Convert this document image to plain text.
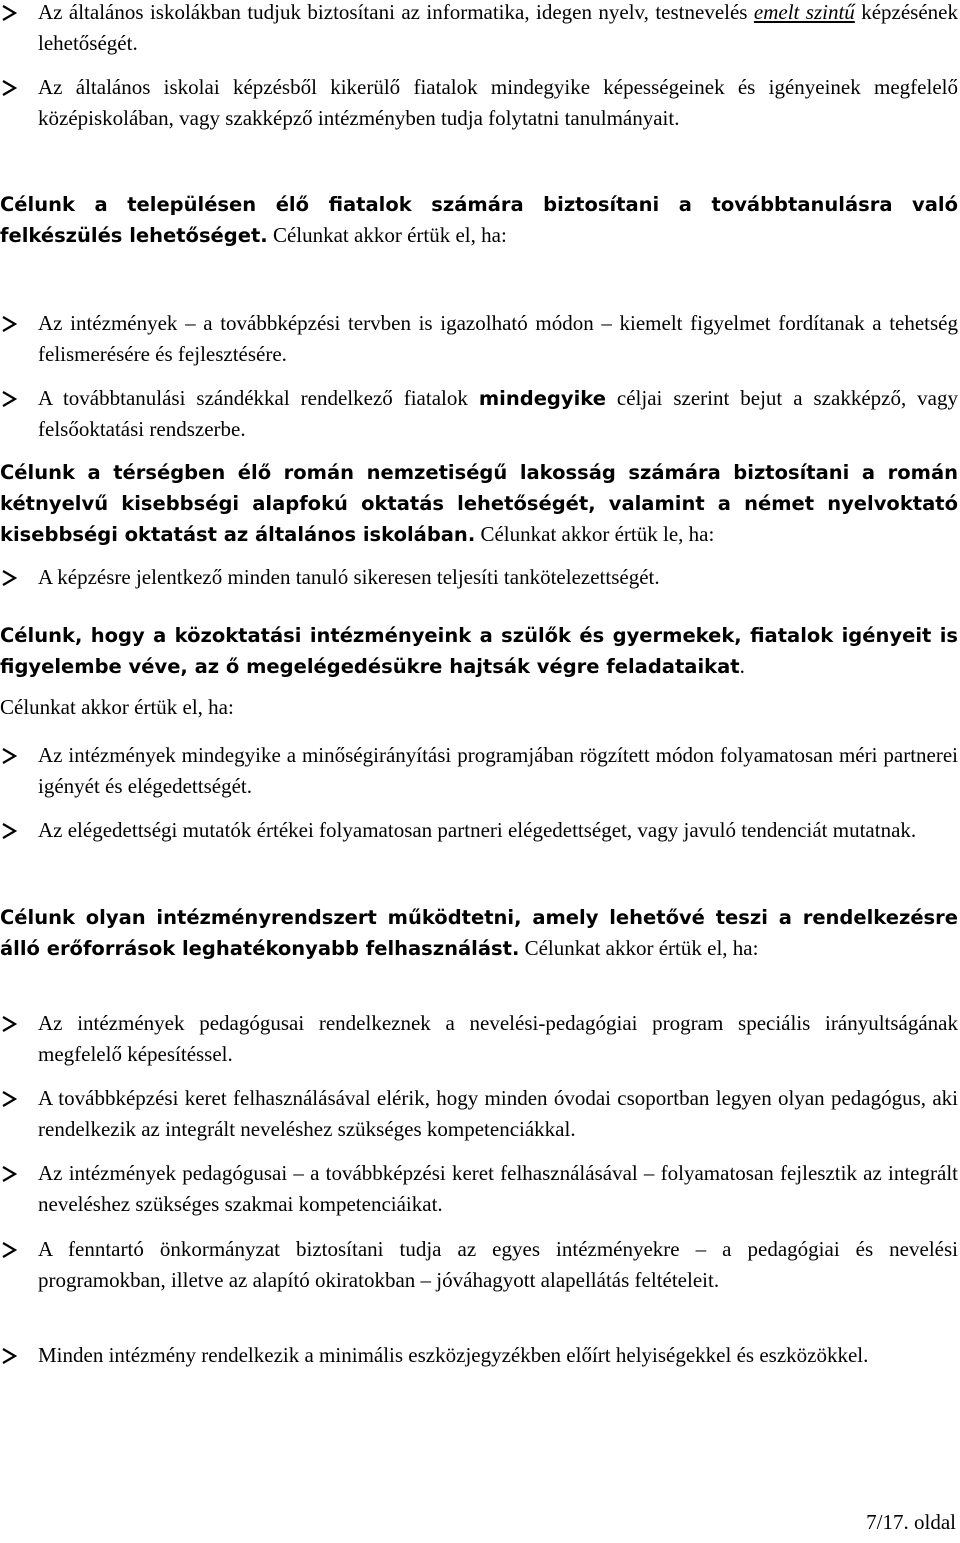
Az általános iskolákban tudjuk biztosítani az informatika, idegen nyelv, testnevelés emelt szintű képzésének lehetőségét.
Az általános iskolai képzésből kikerülő fiatalok mindegyike képességeinek és igényeinek megfelelő középiskolában, vagy szakképző intézményben tudja folytatni tanulmányait.
Célunk a településen élő fiatalok számára biztosítani a továbbtanulásra való felkészülés lehetőséget. Célunkat akkor értük el, ha:
Az intézmények – a továbbképzési tervben is igazolható módon – kiemelt figyelmet fordítanak a tehetség felismerésére és fejlesztésére.
A továbbtanulási szándékkal rendelkező fiatalok mindegyike céljai szerint bejut a szakképző, vagy felsőoktatási rendszerbe.
Célunk a térségben élő román nemzetiségű lakosság számára biztosítani a román kétnyelvű kisebbségi alapfokú oktatás lehetőségét, valamint a német nyelvoktató kisebbségi oktatást az általános iskolában. Célunkat akkor értük le, ha:
A képzésre jelentkező minden tanuló sikeresen teljesíti tankötelezettségét.
Célunk, hogy a közoktatási intézményeink a szülők és gyermekek, fiatalok igényeit is figyelembe véve, az ő megelégedésükre hajtsák végre feladataikat.
Célunkat akkor értük el, ha:
Az intézmények mindegyike a minőségirányítási programjában rögzített módon folyamatosan méri partnerei igényét és elégedettségét.
Az elégedettségi mutatók értékei folyamatosan partneri elégedettséget, vagy javuló tendenciát mutatnak.
Célunk olyan intézményrendszert működtetni, amely lehetővé teszi a rendelkezésre álló erőforrások leghatékonyabb felhasználást. Célunkat akkor értük el, ha:
Az intézmények pedagógusai rendelkeznek a nevelési-pedagógiai program speciális irányultságának megfelelő képesítéssel.
A továbbképzési keret felhasználásával elérik, hogy minden óvodai csoportban legyen olyan pedagógus, aki rendelkezik az integrált neveléshez szükséges kompetenciákkal.
Az intézmények pedagógusai – a továbbképzési keret felhasználásával – folyamatosan fejlesztik az integrált neveléshez szükséges szakmai kompetenciáikat.
A fenntartó önkormányzat biztosítani tudja az egyes intézményekre – a pedagógiai és nevelési programokban, illetve az alapító okiratokban – jóváhagyott alapellátás feltételeit.
Minden intézmény rendelkezik a minimális eszközjegyzékben előírt helyiségekkel és eszközökkel.
7/17. oldal
